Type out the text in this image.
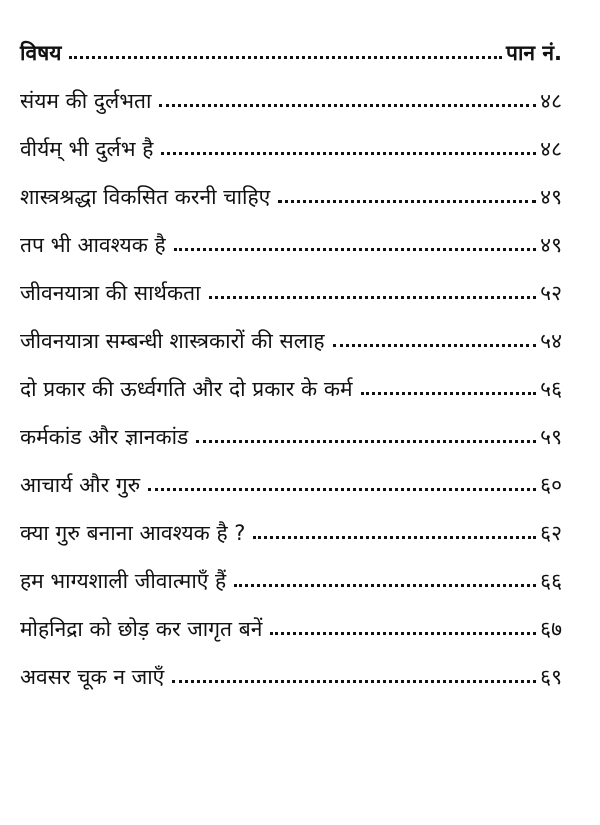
विषय	पान नं.
संयम की दुर्लभता	४८
वीर्यम् भी दुर्लभ है	४८
शास्त्रश्रद्धा विकसित करनी चाहिए	४९
तप भी आवश्यक है	४९
जीवनयात्रा की सार्थकता	५२
जीवनयात्रा सम्बन्धी शास्त्रकारों की सलाह	५४
दो प्रकार की ऊर्ध्वगति और दो प्रकार के कर्म	५६
कर्मकांड और ज्ञानकांड	५९
आचार्य और गुरु	६०
क्या गुरु बनाना आवश्यक है ?	६२
हम भाग्यशाली जीवात्माएँ हैं	६६
मोहनिद्रा को छोड़ कर जागृत बनें	६७
अवसर चूक न जाएँ	६९
